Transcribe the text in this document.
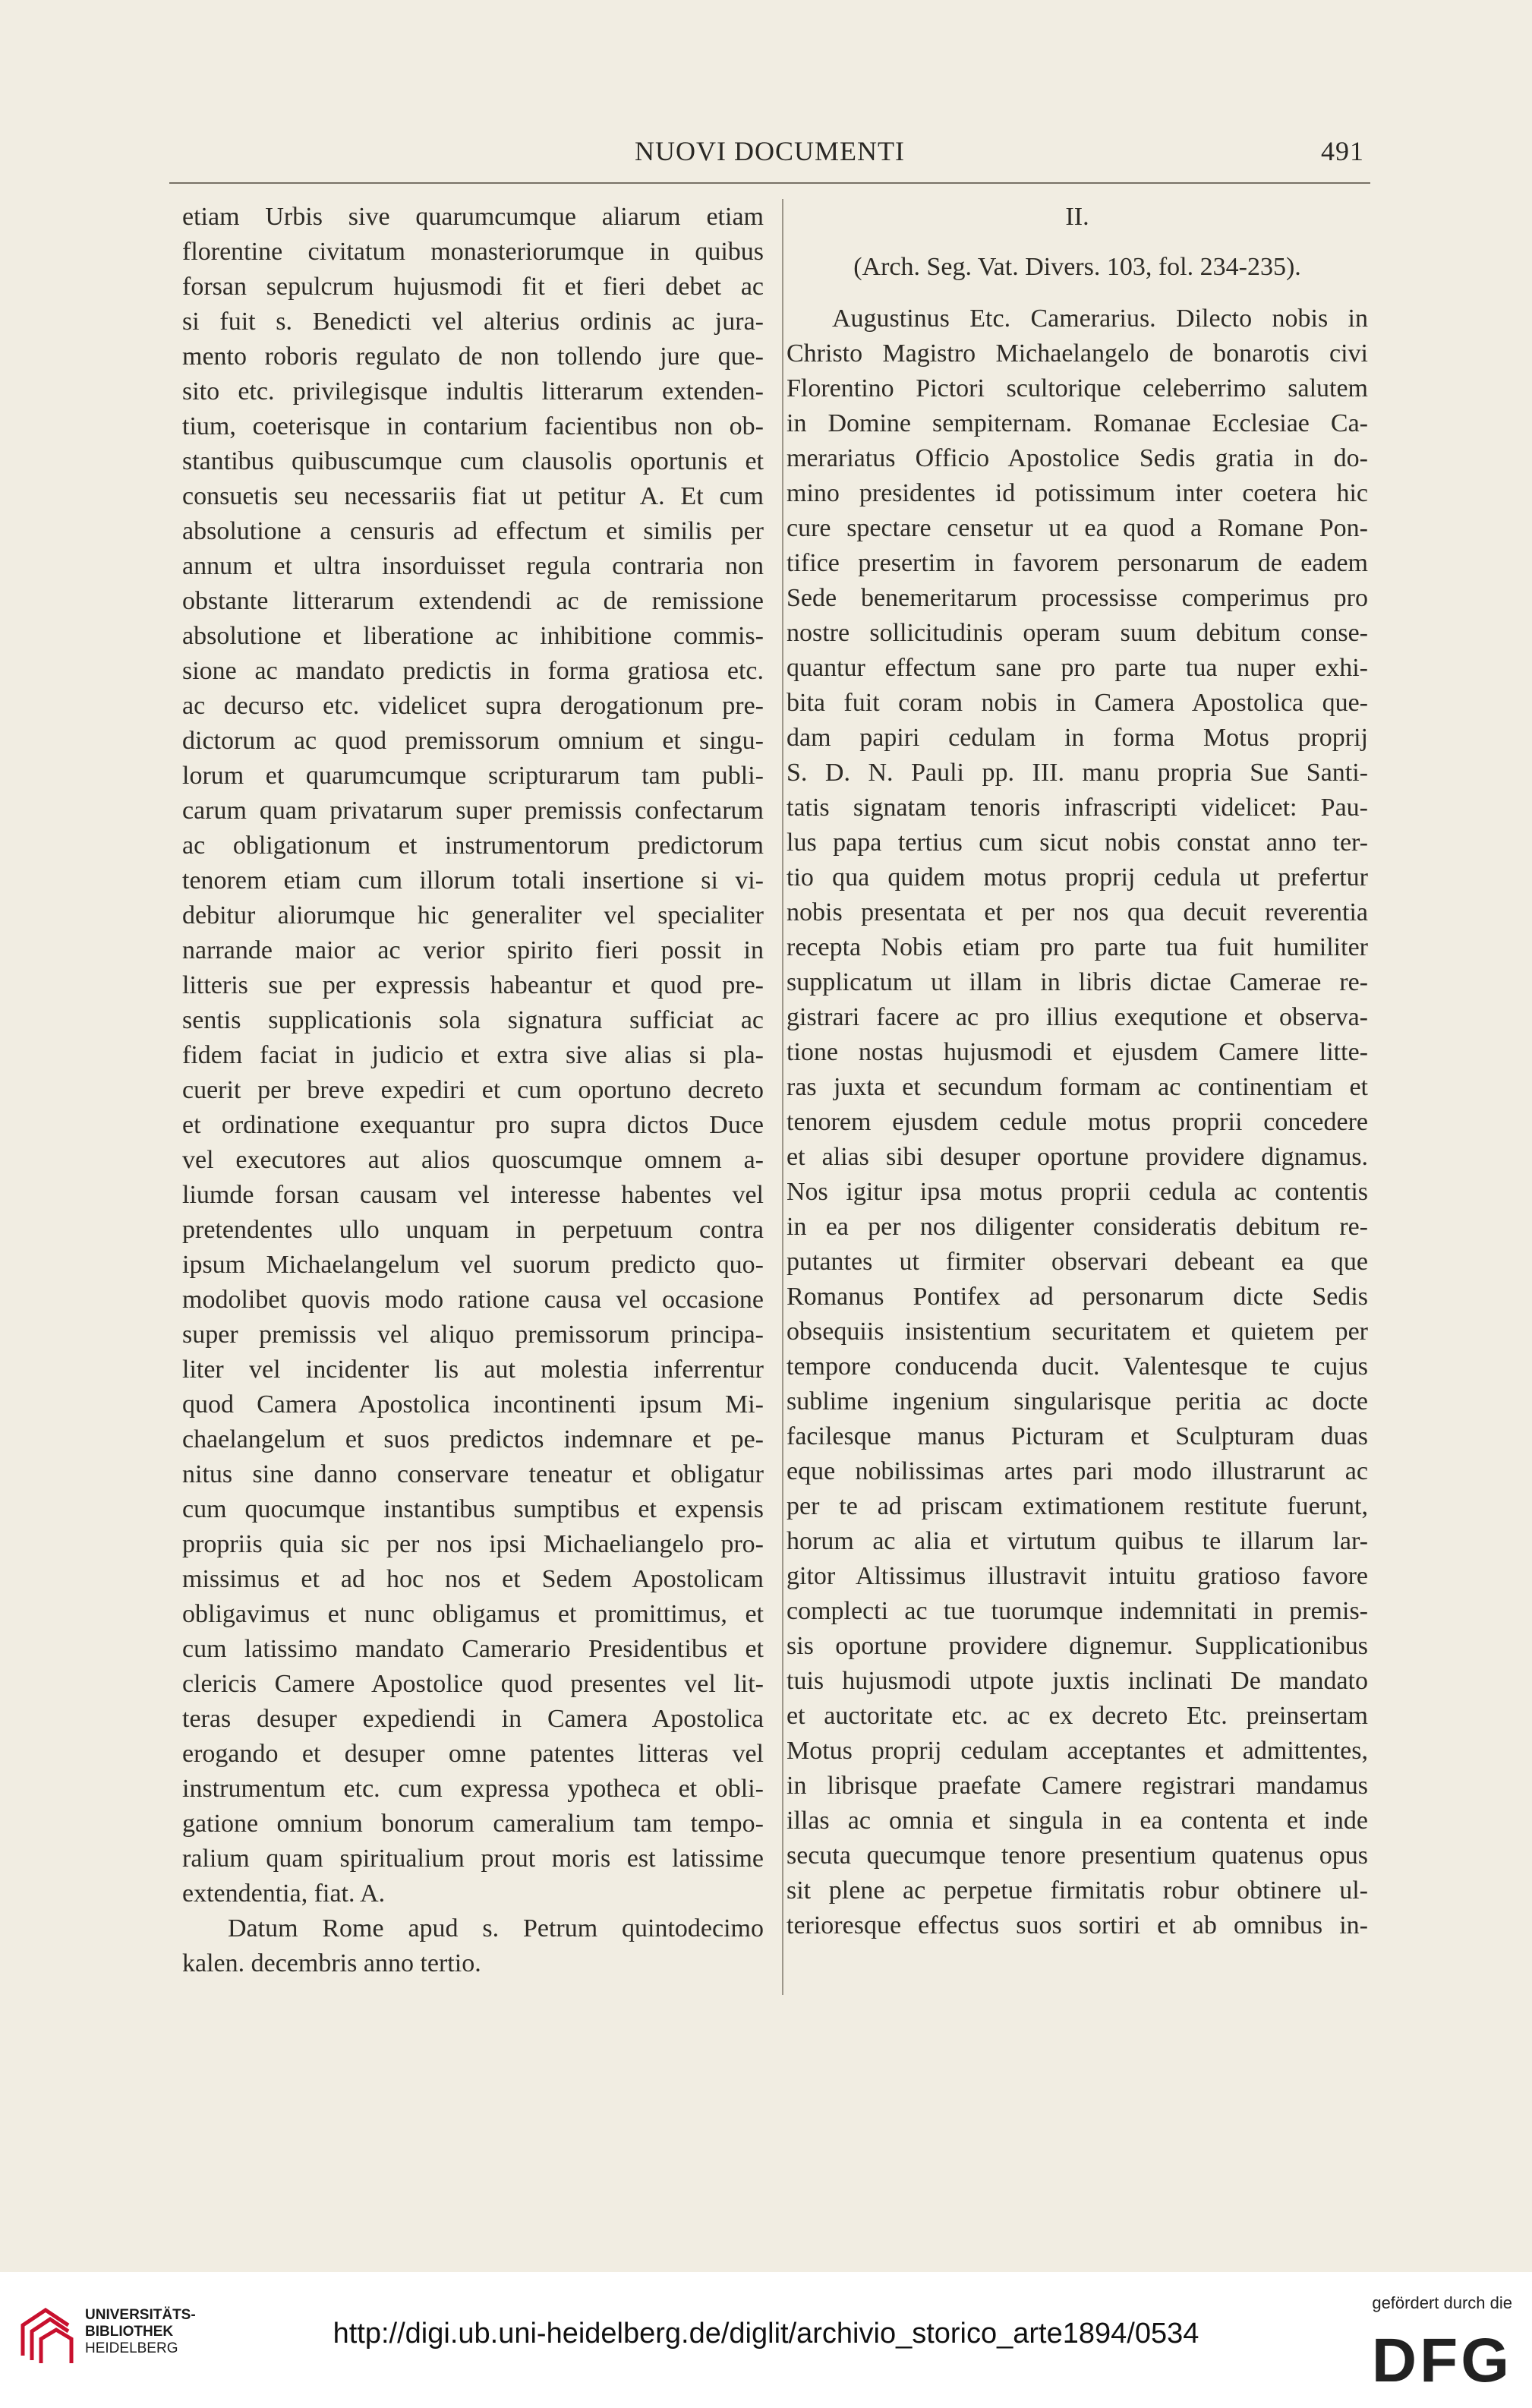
NUOVI DOCUMENTI	491
etiam Urbis sive quarumcumque aliarum etiam
florentine civitatum monasteriorumque in quibus
forsan sepulcrum hujusmodi fit et fieri debet ac
si fuit s. Benedicti vel alterius ordinis ac jura-
mento roboris regulato de non tollendo jure que-
sito etc. privilegisque indultis litterarum extenden-
tium, coeterisque in contarium facientibus non ob-
stantibus quibuscumque cum clausolis oportunis et
consuetis seu necessariis fiat ut petitur A. Et cum
absolutione a censuris ad effectum et similis per
annum et ultra insorduisset regula contraria non
obstante litterarum extendendi ac de remissione
absolutione et liberatione ac inhibitione commis-
sione ac mandato predictis in forma gratiosa etc.
ac decurso etc. videlicet supra derogationum pre-
dictorum ac quod premissorum omnium et singu-
lorum et quarumcumque scripturarum tam publi-
carum quam privatarum super premissis confectarum
ac obligationum et instrumentorum predictorum
tenorem etiam cum illorum totali insertione si vi-
debitur aliorumque hic generaliter vel specialiter
narrande maior ac verior spirito fieri possit in
litteris sue per expressis habeantur et quod pre-
sentis supplicationis sola signatura sufficiat ac
fidem faciat in judicio et extra sive alias si pla-
cuerit per breve expediri et cum oportuno decreto
et ordinatione exequantur pro supra dictos Duce
vel executores aut alios quoscumque omnem a-
liumde forsan causam vel interesse habentes vel
pretendentes ullo unquam in perpetuum contra
ipsum Michaelangelum vel suorum predicto quo-
modolibet quovis modo ratione causa vel occasione
super premissis vel aliquo premissorum principa-
liter vel incidenter lis aut molestia inferrentur
quod Camera Apostolica incontinenti ipsum Mi-
chaelangelum et suos predictos indemnare et pe-
nitus sine danno conservare teneatur et obligatur
cum quocumque instantibus sumptibus et expensis
propriis quia sic per nos ipsi Michaeliangelo pro-
missimus et ad hoc nos et Sedem Apostolicam
obligavimus et nunc obligamus et promittimus, et
cum latissimo mandato Camerario Presidentibus et
clericis Camere Apostolice quod presentes vel lit-
teras desuper expediendi in Camera Apostolica
erogando et desuper omne patentes litteras vel
instrumentum etc. cum expressa ypotheca et obli-
gatione omnium bonorum cameralium tam tempo-
ralium quam spiritualium prout moris est latissime
extendentia, fiat. A.
Datum Rome apud s. Petrum quintodecimo
kalen. decembris anno tertio.
II.
(Arch. Seg. Vat. Divers. 103, fol. 234-235).
Augustinus Etc. Camerarius. Dilecto nobis in
Christo Magistro Michaelangelo de bonarotis civi
Florentino Pictori scultorique celeberrimo salutem
in Domine sempiternam. Romanae Ecclesiae Ca-
merariatus Officio Apostolice Sedis gratia in do-
mino presidentes id potissimum inter coetera hic
cure spectare censetur ut ea quod a Romane Pon-
tifice presertim in favorem personarum de eadem
Sede benemeritarum processisse comperimus pro
nostre sollicitudinis operam suum debitum conse-
quantur effectum sane pro parte tua nuper exhi-
bita fuit coram nobis in Camera Apostolica que-
dam papiri cedulam in forma Motus proprij
S. D. N. Pauli pp. III. manu propria Sue Santi-
tatis signatam tenoris infrascripti videlicet: Pau-
lus papa tertius cum sicut nobis constat anno ter-
tio qua quidem motus proprij cedula ut prefertur
nobis presentata et per nos qua decuit reverentia
recepta Nobis etiam pro parte tua fuit humiliter
supplicatum ut illam in libris dictae Camerae re-
gistrari facere ac pro illius exequtione et observa-
tione nostas hujusmodi et ejusdem Camere litte-
ras juxta et secundum formam ac continentiam et
tenorem ejusdem cedule motus proprii concedere
et alias sibi desuper oportune providere dignamus.
Nos igitur ipsa motus proprii cedula ac contentis
in ea per nos diligenter consideratis debitum re-
putantes ut firmiter observari debeant ea que
Romanus Pontifex ad personarum dicte Sedis
obsequiis insistentium securitatem et quietem per
tempore conducenda ducit. Valentesque te cujus
sublime ingenium singularisque peritia ac docte
facilesque manus Picturam et Sculpturam duas
eque nobilissimas artes pari modo illustrarunt ac
per te ad priscam extimationem restitute fuerunt,
horum ac alia et virtutum quibus te illarum lar-
gitor Altissimus illustravit intuitu gratioso favore
complecti ac tue tuorumque indemnitati in premis-
sis oportune providere dignemur. Supplicationibus
tuis hujusmodi utpote juxtis inclinati De mandato
et auctoritate etc. ac ex decreto Etc. preinsertam
Motus proprij cedulam acceptantes et admittentes,
in librisque praefate Camere registrari mandamus
illas ac omnia et singula in ea contenta et inde
secuta quecumque tenore presentium quatenus opus
sit plene ac perpetue firmitatis robur obtinere ul-
terioresque effectus suos sortiri et ab omnibus in-
UNIVERSITÄTS-
BIBLIOTHEK
HEIDELBERG	http://digi.ub.uni-heidelberg.de/diglit/archivio_storico_arte1894/0534
gefördert durch die
DFG
